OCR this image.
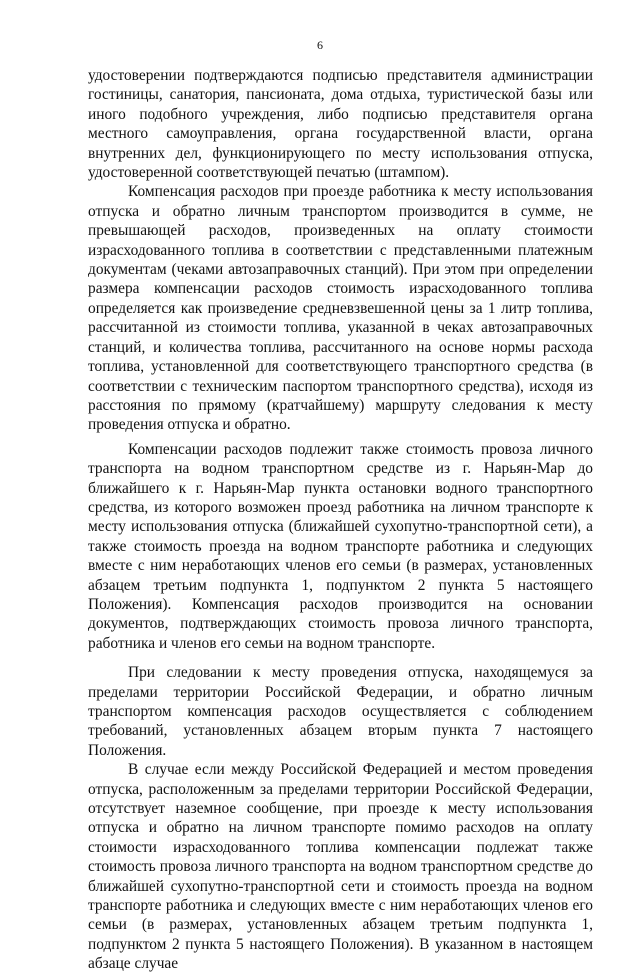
6

удостоверении подтверждаются подписью представителя администрации гостиницы, санатория, пансионата, дома отдыха, туристической базы или иного подобного учреждения, либо подписью представителя органа местного самоуправления, органа государственной власти, органа внутренних дел, функционирующего по месту использования отпуска, удостоверенной соответствующей печатью (штампом).

Компенсация расходов при проезде работника к месту использования отпуска и обратно личным транспортом производится в сумме, не превышающей расходов, произведенных на оплату стоимости израсходованного топлива в соответствии с представленными платежным документам (чеками автозаправочных станций). При этом при определении размера компенсации расходов стоимость израсходованного топлива определяется как произведение средневзвешенной цены за 1 литр топлива, рассчитанной из стоимости топлива, указанной в чеках автозаправочных станций, и количества топлива, рассчитанного на основе нормы расхода топлива, установленной для соответствующего транспортного средства (в соответствии с техническим паспортом транспортного средства), исходя из расстояния по прямому (кратчайшему) маршруту следования к месту проведения отпуска и обратно.

Компенсации расходов подлежит также стоимость провоза личного транспорта на водном транспортном средстве из г. Нарьян-Мар до ближайшего к г. Нарьян-Мар пункта остановки водного транспортного средства, из которого возможен проезд работника на личном транспорте к месту использования отпуска (ближайшей сухопутно-транспортной сети), а также стоимость проезда на водном транспорте работника и следующих вместе с ним неработающих членов его семьи (в размерах, установленных абзацем третьим подпункта 1, подпунктом 2 пункта 5 настоящего Положения). Компенсация расходов производится на основании документов, подтверждающих стоимость провоза личного транспорта, работника и членов его семьи на водном транспорте.

При следовании к месту проведения отпуска, находящемуся за пределами территории Российской Федерации, и обратно личным транспортом компенсация расходов осуществляется с соблюдением требований, установленных абзацем вторым пункта 7 настоящего Положения.

В случае если между Российской Федерацией и местом проведения отпуска, расположенным за пределами территории Российской Федерации, отсутствует наземное сообщение, при проезде к месту использования отпуска и обратно на личном транспорте помимо расходов на оплату стоимости израсходованного топлива компенсации подлежат также стоимость провоза личного транспорта на водном транспортном средстве до ближайшей сухопутно-транспортной сети и стоимость проезда на водном транспорте работника и следующих вместе с ним неработающих членов его семьи (в размерах, установленных абзацем третьим подпункта 1, подпунктом 2 пункта 5 настоящего Положения). В указанном в настоящем абзаце случае
